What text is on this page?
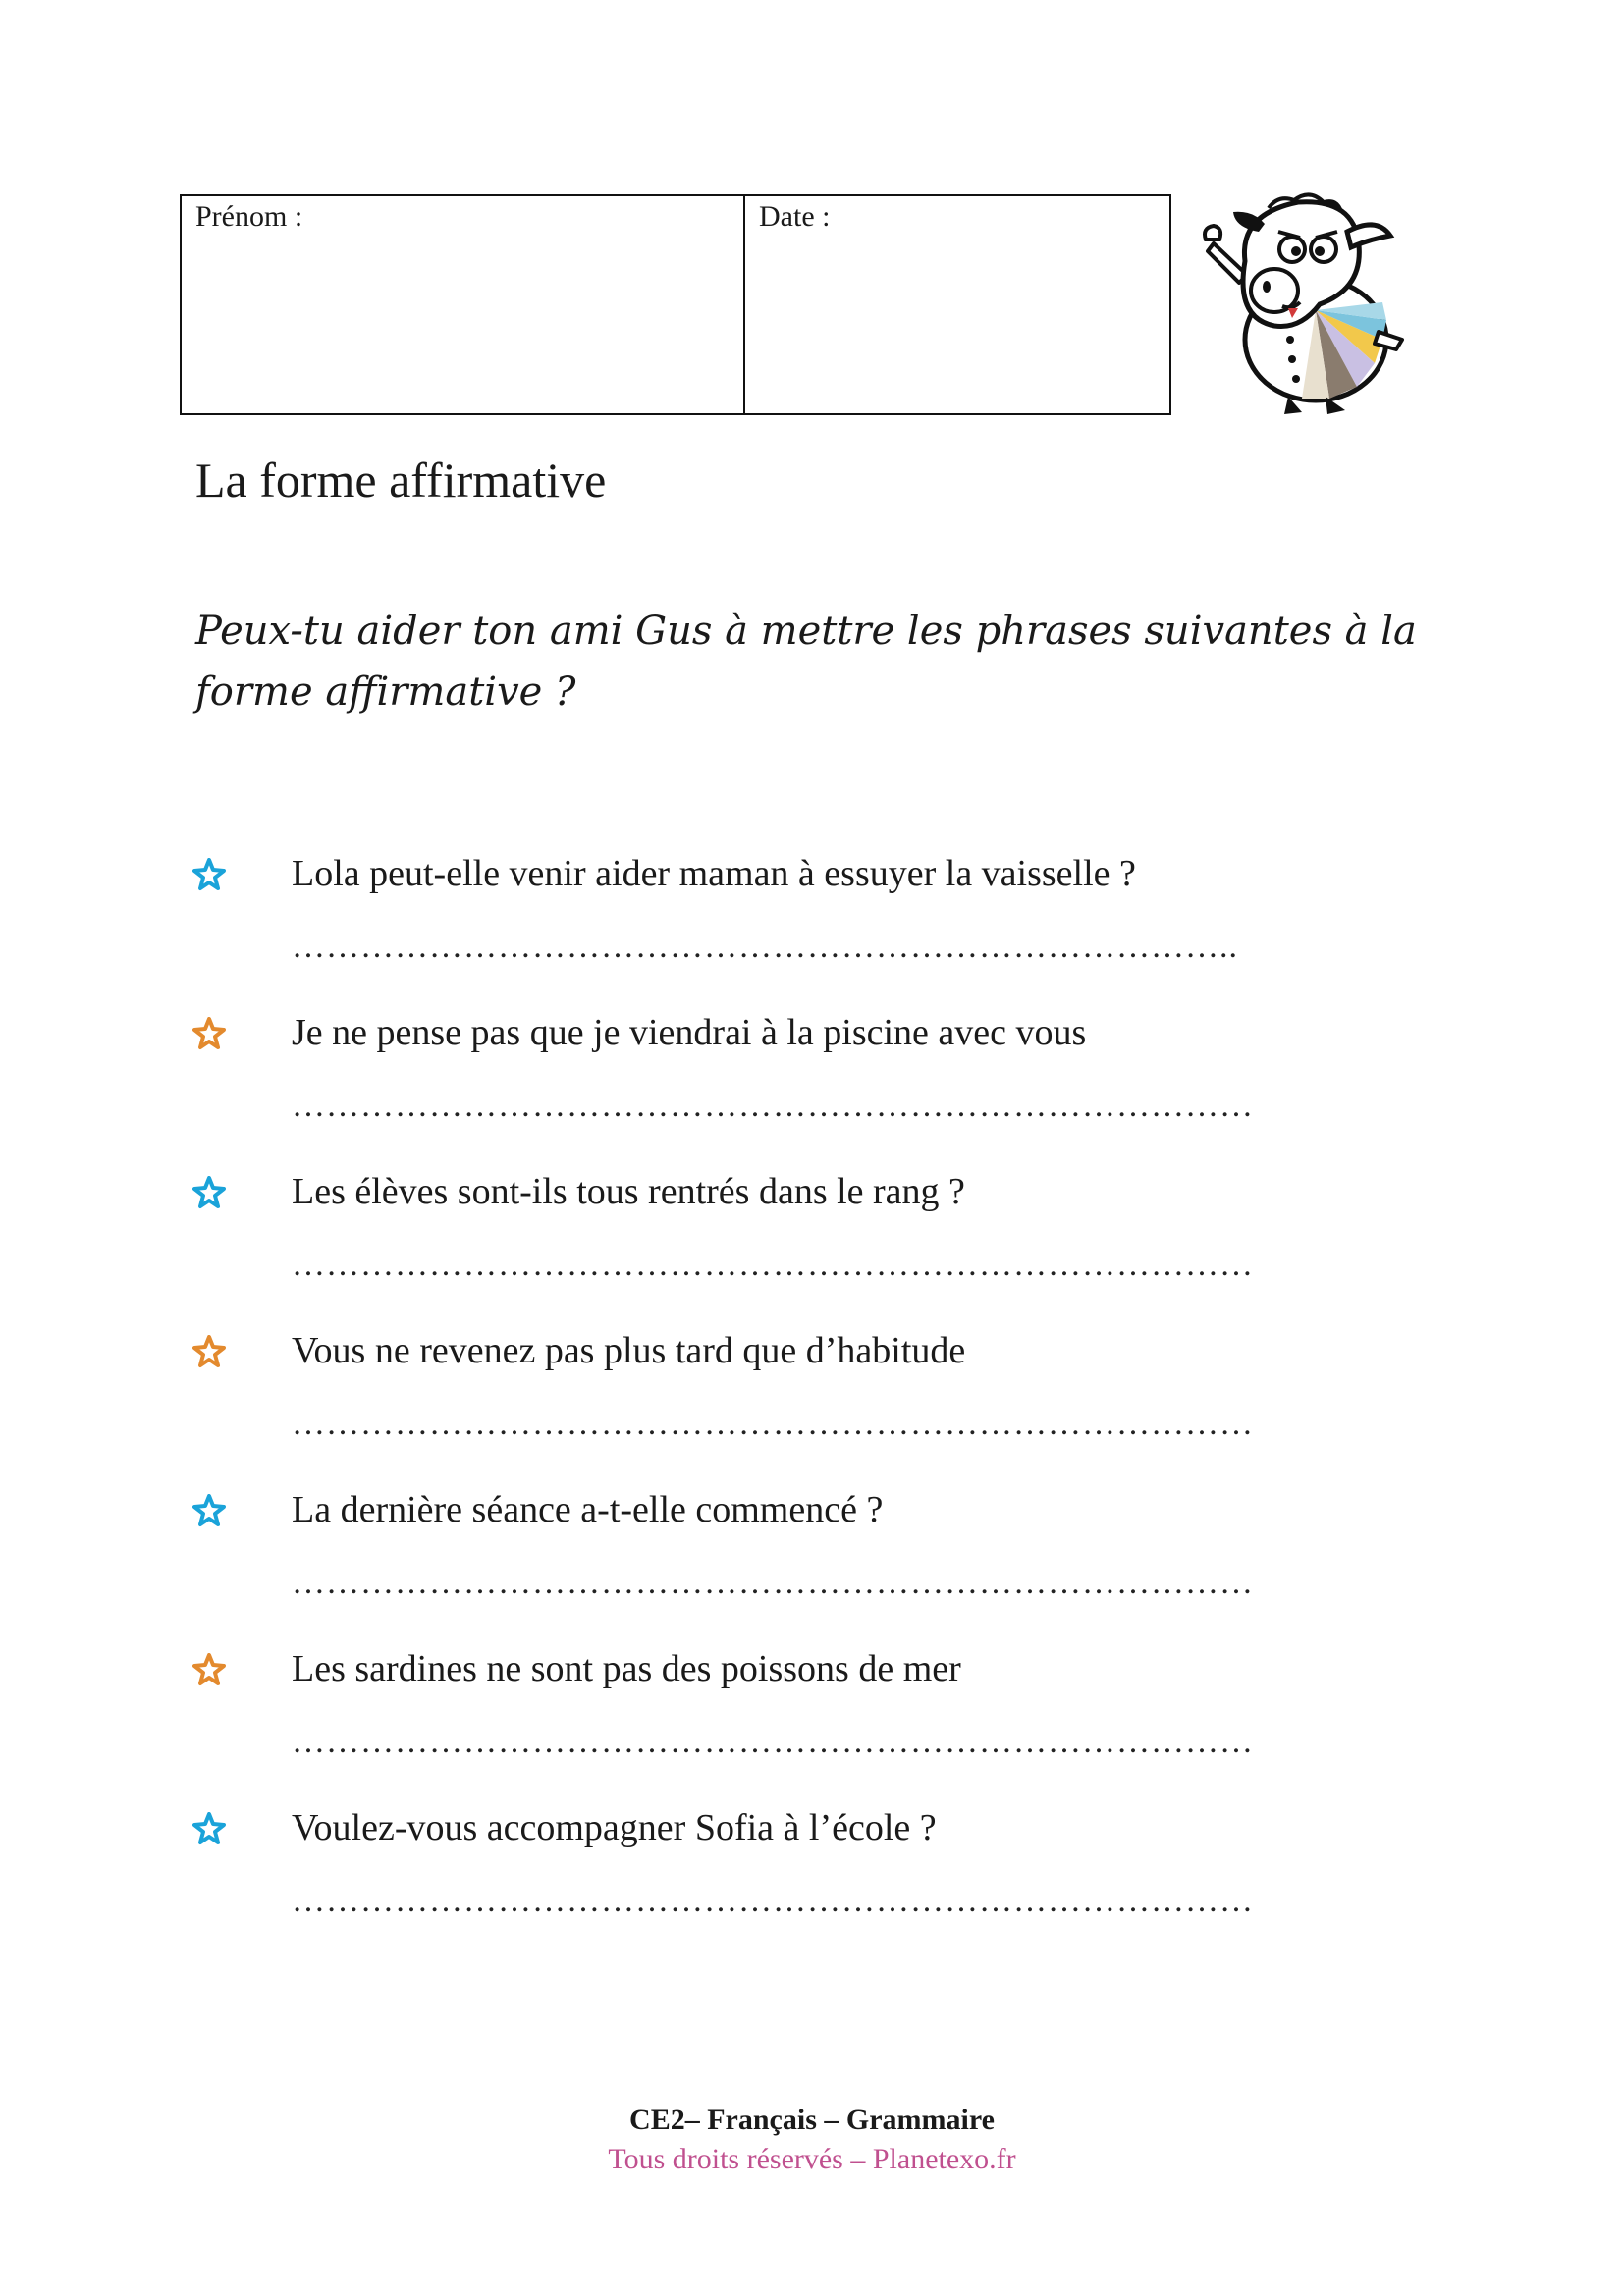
Prénom :	Date :
La forme affirmative

Peux-tu aider ton ami Gus à mettre les phrases suivantes à la forme affirmative ?

Lola peut-elle venir aider maman à essuyer la vaisselle ?
………………………………………………………………………..
Je ne pense pas que je viendrai à la piscine avec vous
…………………………………………………………………………
Les élèves sont-ils tous rentrés dans le rang ?
…………………………………………………………………………
Vous ne revenez pas plus tard que d’habitude
…………………………………………………………………………
La dernière séance a-t-elle commencé ?
…………………………………………………………………………
Les sardines ne sont pas des poissons de mer
…………………………………………………………………………
Voulez-vous accompagner Sofia à l’école ?
…………………………………………………………………………

CE2– Français – Grammaire

Tous droits réservés – Planetexo.fr
